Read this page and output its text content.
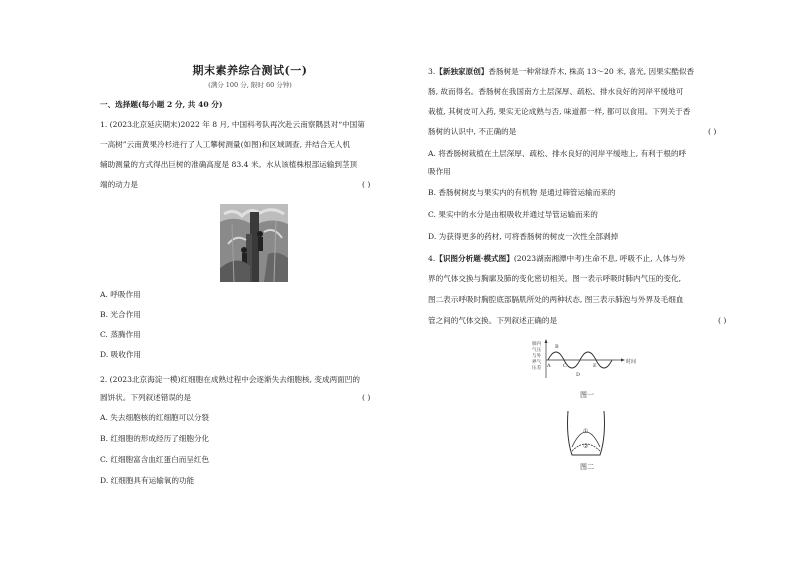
期末素养综合测试(一)
(满分 100 分, 限时 60 分钟)
一、选择题(每小题 2 分, 共 40 分)
1. (2023北京延庆期末)2022 年 8 月, 中国科考队再次赴云南察隅县对“中国第
一高树”云南黄果冷杉进行了人工攀树测量(如图)和区域调查, 并结合无人机
辅助测量的方式得出巨树的准确高度是 83.4 米。水从该植株根部运输到茎顶
端的动力是	( )
A. 呼吸作用
B. 光合作用
C. 蒸腾作用
D. 吸收作用
2. (2023北京海淀一模)红细胞在成熟过程中会逐渐失去细胞核, 变成两面凹的
圆饼状。下列叙述错误的是	( )
A. 失去细胞核的红细胞可以分裂
B. 红细胞的形成经历了细胞分化
C. 红细胞富含血红蛋白而呈红色
D. 红细胞具有运输氧的功能
3.【新独家原创】香肠树是一种常绿乔木, 株高 13～20 米, 喜光, 因果实酷似香
肠, 故而得名。香肠树在我国南方土层深厚、疏松、排水良好的河岸平缓地可
栽植, 其树皮可入药, 果实无论成熟与否, 味道都一样, 都可以食用。下列关于香
肠树的认识中, 不正确的是	( )
A. 将香肠树栽植在土层深厚、疏松、排水良好的河岸平缓地上, 有利于根的呼
吸作用
B. 香肠树树皮与果实内的有机物 是通过筛管运输而来的
C. 果实中的水分是由根吸收并通过导管运输而来的
D. 为获得更多的药材, 可将香肠树的树皮一次性全部剥掉
4.【识图分析题·模式图】(2023湖南湘潭中考)生命不息, 呼吸不止, 人体与外
界的气体交换与胸廓及肺的变化密切相关。图一表示呼吸时肺内气压的变化,
图二表示呼吸时胸腔底部膈肌所处的两种状态, 图三表示肺泡与外界及毛细血
管之间的气体交换。下列叙述正确的是	( )
肺内
气压
与外
界气
压差 A
B
C
D
E
时间
图一
①
②
图二
